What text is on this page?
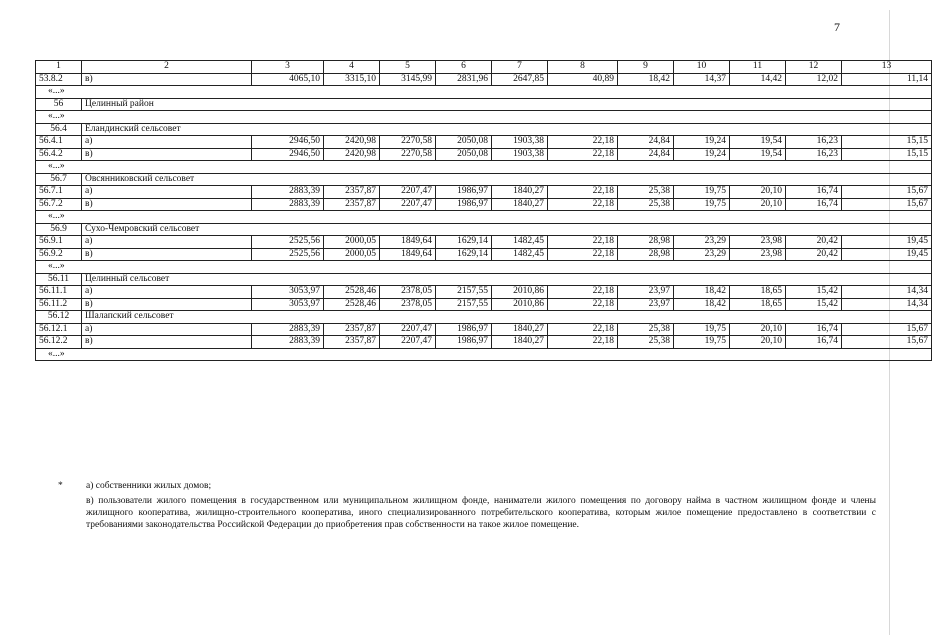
7
1	2	3	4	5	6	7	8	9	10	11	12	13
53.8.2	в)	4065,10	3315,10	3145,99	2831,96	2647,85	40,89	18,42	14,37	14,42	12,02	11,14
«...»												
56	Целинный район											
«...»												
56.4	Еландинский сельсовет											
56.4.1	а)	2946,50	2420,98	2270,58	2050,08	1903,38	22,18	24,84	19,24	19,54	16,23	15,15
56.4.2	в)	2946,50	2420,98	2270,58	2050,08	1903,38	22,18	24,84	19,24	19,54	16,23	15,15
«...»												
56.7	Овсянниковский сельсовет											
56.7.1	а)	2883,39	2357,87	2207,47	1986,97	1840,27	22,18	25,38	19,75	20,10	16,74	15,67
56.7.2	в)	2883,39	2357,87	2207,47	1986,97	1840,27	22,18	25,38	19,75	20,10	16,74	15,67
«...»												
56.9	Сухо-Чемровский сельсовет											
56.9.1	а)	2525,56	2000,05	1849,64	1629,14	1482,45	22,18	28,98	23,29	23,98	20,42	19,45
56.9.2	в)	2525,56	2000,05	1849,64	1629,14	1482,45	22,18	28,98	23,29	23,98	20,42	19,45
«...»												
56.11	Целинный сельсовет											
56.11.1	а)	3053,97	2528,46	2378,05	2157,55	2010,86	22,18	23,97	18,42	18,65	15,42	14,34
56.11.2	в)	3053,97	2528,46	2378,05	2157,55	2010,86	22,18	23,97	18,42	18,65	15,42	14,34
56.12	Шалапский сельсовет											
56.12.1	а)	2883,39	2357,87	2207,47	1986,97	1840,27	22,18	25,38	19,75	20,10	16,74	15,67
56.12.2	в)	2883,39	2357,87	2207,47	1986,97	1840,27	22,18	25,38	19,75	20,10	16,74	15,67
«...»												
* а) собственники жилых домов;
в) пользователи жилого помещения в государственном или муниципальном жилищном фонде, наниматели жилого помещения по договору найма в частном жилищном фонде и члены жилищного кооператива, жилищно-строительного кооператива, иного специализированного потребительского кооператива, которым жилое помещение предоставлено в соответствии с требованиями законодательства Российской Федерации до приобретения прав собственности на такое жилое помещение.
